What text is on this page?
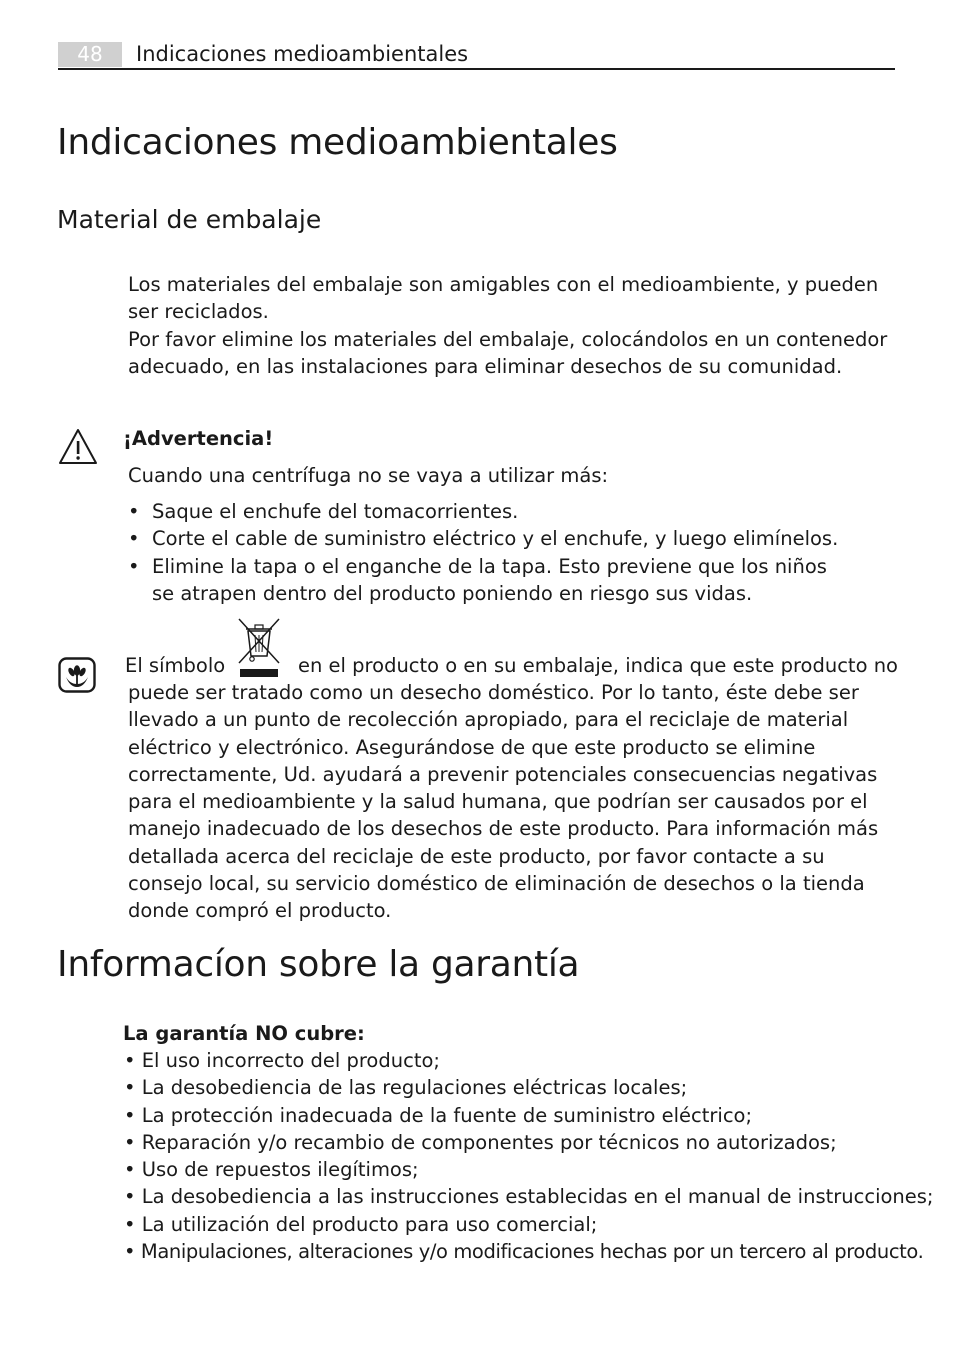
48	Indicaciones medioambientales
Indicaciones medioambientales
Material de embalaje

Los materiales del embalaje son amigables con el medioambiente, y pueden ser reciclados.

Por favor elimine los materiales del embalaje, colocándolos en un contenedor adecuado, en las instalaciones para eliminar desechos de su comunidad.

¡Advertencia!
Cuando una centrífuga no se vaya a utilizar más:
• Saque el enchufe del tomacorrientes.
• Corte el cable de suministro eléctrico y el enchufe, y luego elimínelos.
• Elimine la tapa o el enganche de la tapa. Esto previene que los niños se atrapen dentro del producto poniendo en riesgo sus vidas.
El símbolo	en el producto o en su embalaje, indica que este producto no

puede ser tratado como un desecho doméstico. Por lo tanto, éste debe ser llevado a un punto de recolección apropiado, para el reciclaje de material eléctrico y electrónico. Asegurándose de que este producto se elimine correctamente, Ud. ayudará a prevenir potenciales consecuencias negativas para el medioambiente y la salud humana, que podrían ser causados por el manejo inadecuado de los desechos de este producto. Para información más detallada acerca del reciclaje de este producto, por favor contacte a su consejo local, su servicio doméstico de eliminación de desechos o la tienda donde compró el producto.

Informacíon sobre la garantía
La garantía NO cubre:
• El uso incorrecto del producto;
• La desobediencia de las regulaciones eléctricas locales;
• La protección inadecuada de la fuente de suministro eléctrico;
• Reparación y/o recambio de componentes por técnicos no autorizados;
• Uso de repuestos ilegítimos;
• La desobediencia a las instrucciones establecidas en el manual de instrucciones;
• La utilización del producto para uso comercial;
• Manipulaciones, alteraciones y/o modificaciones hechas por un tercero al producto.
